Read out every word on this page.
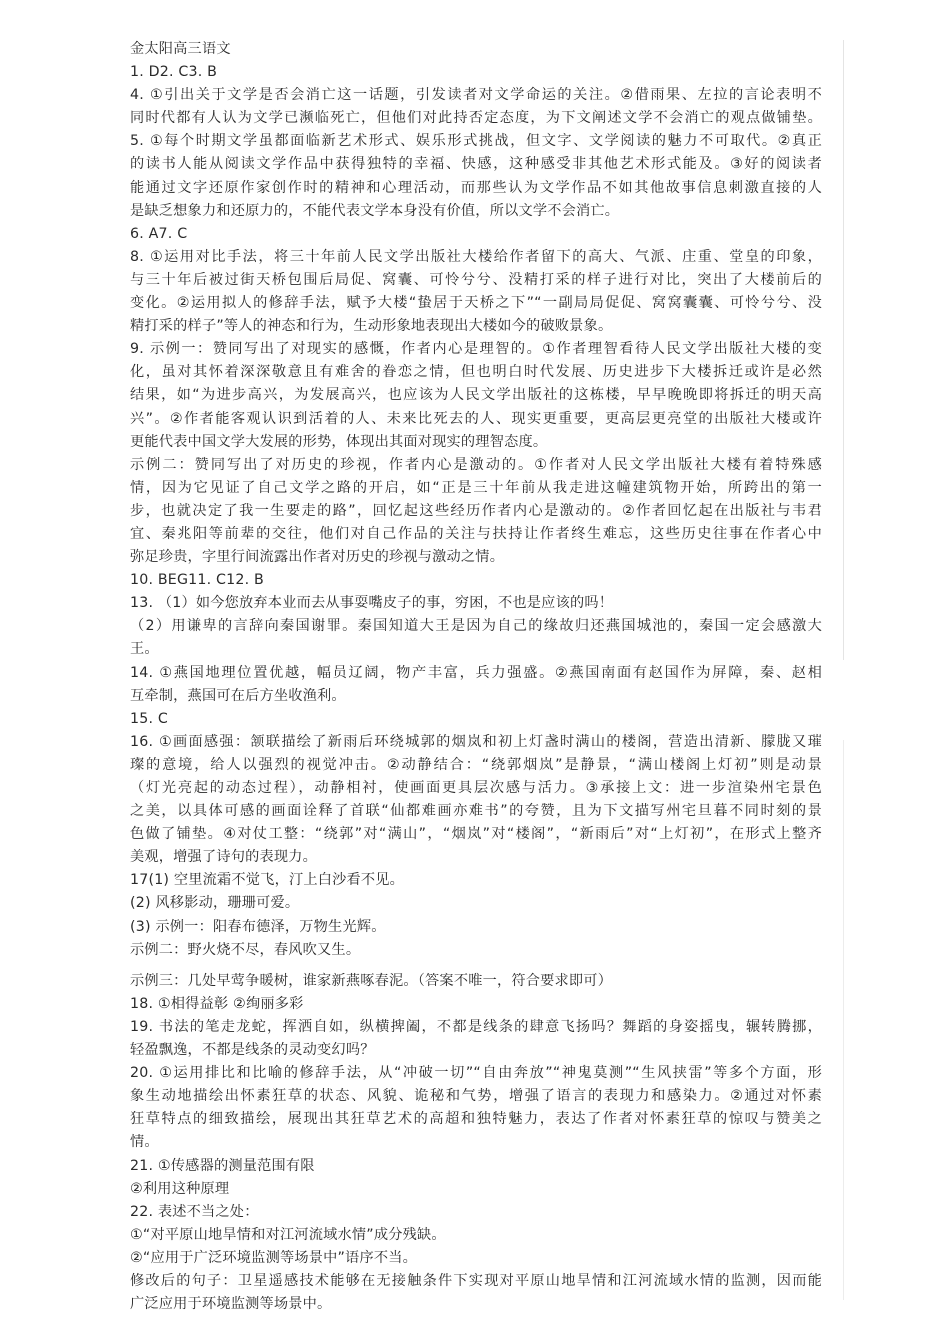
金太阳高三语文
1. D2. C3. B
4. ①引出关于文学是否会消亡这一话题，引发读者对文学命运的关注。②借雨果、左拉的言论表明不
同时代都有人认为文学已濒临死亡，但他们对此持否定态度，为下文阐述文学不会消亡的观点做铺垫。
5. ①每个时期文学虽都面临新艺术形式、娱乐形式挑战，但文字、文学阅读的魅力不可取代。②真正
的读书人能从阅读文学作品中获得独特的幸福、快感，这种感受非其他艺术形式能及。③好的阅读者
能通过文字还原作家创作时的精神和心理活动，而那些认为文学作品不如其他故事信息刺激直接的人
是缺乏想象力和还原力的，不能代表文学本身没有价值，所以文学不会消亡。
6. A7. C
8. ①运用对比手法，将三十年前人民文学出版社大楼给作者留下的高大、气派、庄重、堂皇的印象，
与三十年后被过街天桥包围后局促、窝囊、可怜兮兮、没精打采的样子进行对比，突出了大楼前后的
变化。②运用拟人的修辞手法，赋予大楼“蛰居于天桥之下”“一副局局促促、窝窝囊囊、可怜兮兮、没
精打采的样子”等人的神态和行为，生动形象地表现出大楼如今的破败景象。
9. 示例一：赞同写出了对现实的感慨，作者内心是理智的。①作者理智看待人民文学出版社大楼的变
化，虽对其怀着深深敬意且有难舍的眷恋之情，但也明白时代发展、历史进步下大楼拆迁或许是必然
结果，如“为进步高兴，为发展高兴，也应该为人民文学出版社的这栋楼，早早晚晚即将拆迁的明天高
兴”。②作者能客观认识到活着的人、未来比死去的人、现实更重要，更高层更亮堂的出版社大楼或许
更能代表中国文学大发展的形势，体现出其面对现实的理智态度。
示例二：赞同写出了对历史的珍视，作者内心是激动的。①作者对人民文学出版社大楼有着特殊感
情，因为它见证了自己文学之路的开启，如“正是三十年前从我走进这幢建筑物开始，所跨出的第一
步，也就决定了我一生要走的路”，回忆起这些经历作者内心是激动的。②作者回忆起在出版社与韦君
宜、秦兆阳等前辈的交往，他们对自己作品的关注与扶持让作者终生难忘，这些历史往事在作者心中
弥足珍贵，字里行间流露出作者对历史的珍视与激动之情。
10. BEG11. C12. B
13. （1）如今您放弃本业而去从事耍嘴皮子的事，穷困，不也是应该的吗！
（2）用谦卑的言辞向秦国谢罪。秦国知道大王是因为自己的缘故归还燕国城池的，秦国一定会感激大
王。
14. ①燕国地理位置优越，幅员辽阔，物产丰富，兵力强盛。②燕国南面有赵国作为屏障，秦、赵相
互牵制，燕国可在后方坐收渔利。
15. C
16. ①画面感强：颔联描绘了新雨后环绕城郭的烟岚和初上灯盏时满山的楼阁，营造出清新、朦胧又璀
璨的意境，给人以强烈的视觉冲击。②动静结合：“绕郭烟岚”是静景，“满山楼阁上灯初”则是动景
（灯光亮起的动态过程），动静相衬，使画面更具层次感与活力。③承接上文：进一步渲染州宅景色
之美，以具体可感的画面诠释了首联“仙都难画亦难书”的夸赞，且为下文描写州宅旦暮不同时刻的景
色做了铺垫。④对仗工整：“绕郭”对“满山”，“烟岚”对“楼阁”，“新雨后”对“上灯初”，在形式上整齐
美观，增强了诗句的表现力。
17(1) 空里流霜不觉飞，汀上白沙看不见。
(2) 风移影动，珊珊可爱。
(3) 示例一：阳春布德泽，万物生光辉。
示例二：野火烧不尽，春风吹又生。
示例三：几处早莺争暖树，谁家新燕啄春泥。（答案不唯一，符合要求即可）
18. ①相得益彰 ②绚丽多彩
19. 书法的笔走龙蛇，挥洒自如，纵横捭阖，不都是线条的肆意飞扬吗？舞蹈的身姿摇曳，辗转腾挪，
轻盈飘逸，不都是线条的灵动变幻吗？
20. ①运用排比和比喻的修辞手法，从“冲破一切”“自由奔放”“神鬼莫测”“生风挟雷”等多个方面，形
象生动地描绘出怀素狂草的状态、风貌、诡秘和气势，增强了语言的表现力和感染力。②通过对怀素
狂草特点的细致描绘，展现出其狂草艺术的高超和独特魅力，表达了作者对怀素狂草的惊叹与赞美之
情。
21. ①传感器的测量范围有限
②利用这种原理
22. 表述不当之处：
①“对平原山地旱情和对江河流域水情”成分残缺。
②“应用于广泛环境监测等场景中”语序不当。
修改后的句子：卫星遥感技术能够在无接触条件下实现对平原山地旱情和江河流域水情的监测，因而能
广泛应用于环境监测等场景中。
